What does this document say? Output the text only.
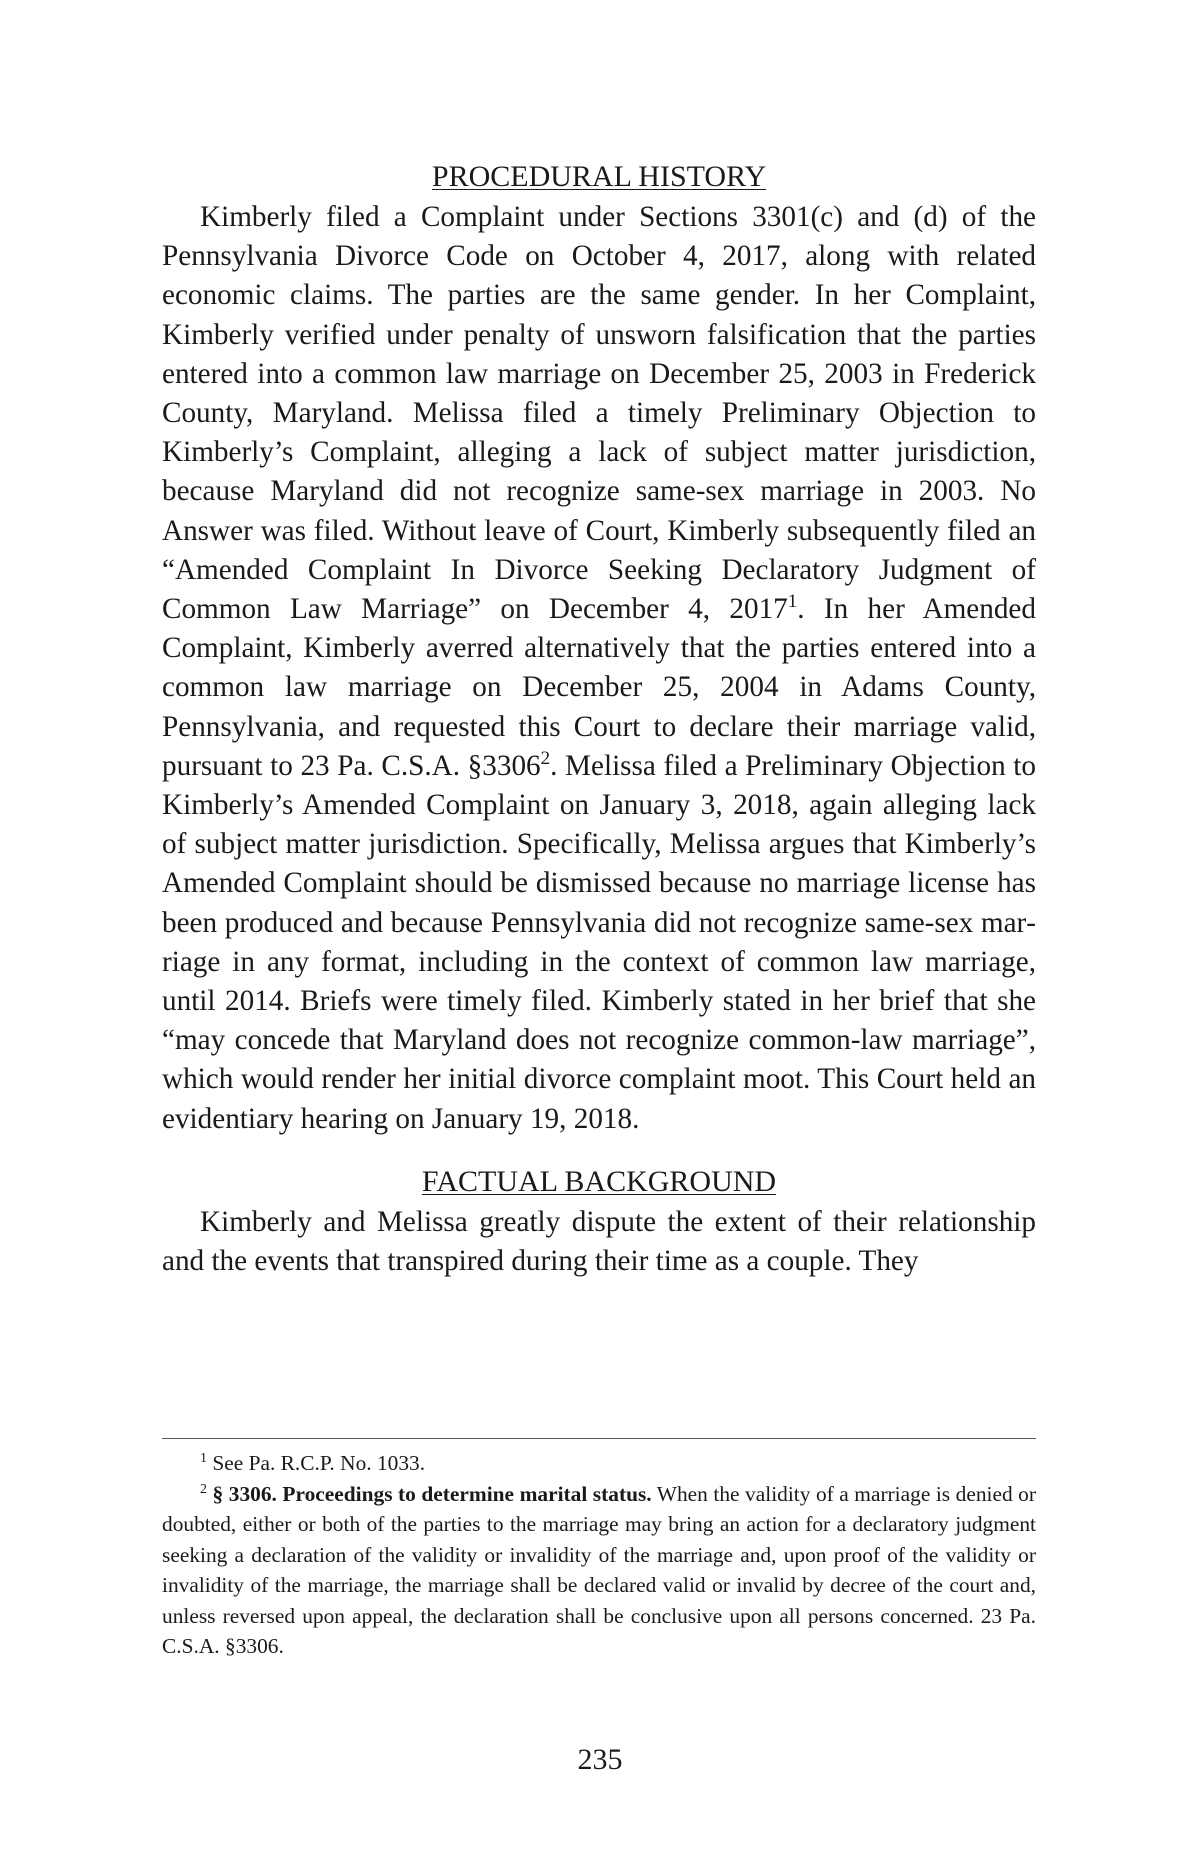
PROCEDURAL HISTORY

Kimberly filed a Complaint under Sections 3301(c) and (d) of the Pennsylvania Divorce Code on October 4, 2017, along with related economic claims. The parties are the same gender. In her Complaint, Kimberly verified under penalty of unsworn falsification that the parties entered into a common law marriage on December 25, 2003 in Frederick County, Maryland. Melissa filed a timely Preliminary Objection to Kimberly’s Complaint, alleging a lack of subject matter jurisdiction, because Maryland did not recognize same-sex marriage in 2003. No Answer was filed. Without leave of Court, Kimberly subsequently filed an “Amended Complaint In Divorce Seeking Declaratory Judgment of Common Law Marriage” on December 4, 2017$^1$. In her Amended Complaint, Kimberly averred alternatively that the parties entered into a common law marriage on December 25, 2004 in Adams County, Pennsylvania, and requested this Court to declare their marriage valid, pursuant to 23 Pa. C.S.A. §3306$^2$. Melissa filed a Preliminary Objection to Kimberly’s Amended Complaint on January 3, 2018, again alleging lack of subject matter jurisdiction. Specifically, Melissa argues that Kimberly’s Amended Complaint should be dismissed because no marriage license has been produced and because Pennsylvania did not recognize same-sex marriage in any format, including in the context of common law marriage, until 2014. Briefs were timely filed. Kimberly stated in her brief that she “may concede that Maryland does not recognize common-law marriage”, which would render her initial divorce complaint moot. This Court held an evidentiary hearing on January 19, 2018.

FACTUAL BACKGROUND

Kimberly and Melissa greatly dispute the extent of their relationship and the events that transpired during their time as a couple. They

$^1$ See Pa. R.C.P. No. 1033.

$^2$ § 3306. Proceedings to determine marital status. When the validity of a marriage is denied or doubted, either or both of the parties to the marriage may bring an action for a declaratory judgment seeking a declaration of the validity or invalidity of the marriage and, upon proof of the validity or invalidity of the marriage, the marriage shall be declared valid or invalid by decree of the court and, unless reversed upon appeal, the declaration shall be conclusive upon all persons concerned. 23 Pa. C.S.A. §3306.

235
